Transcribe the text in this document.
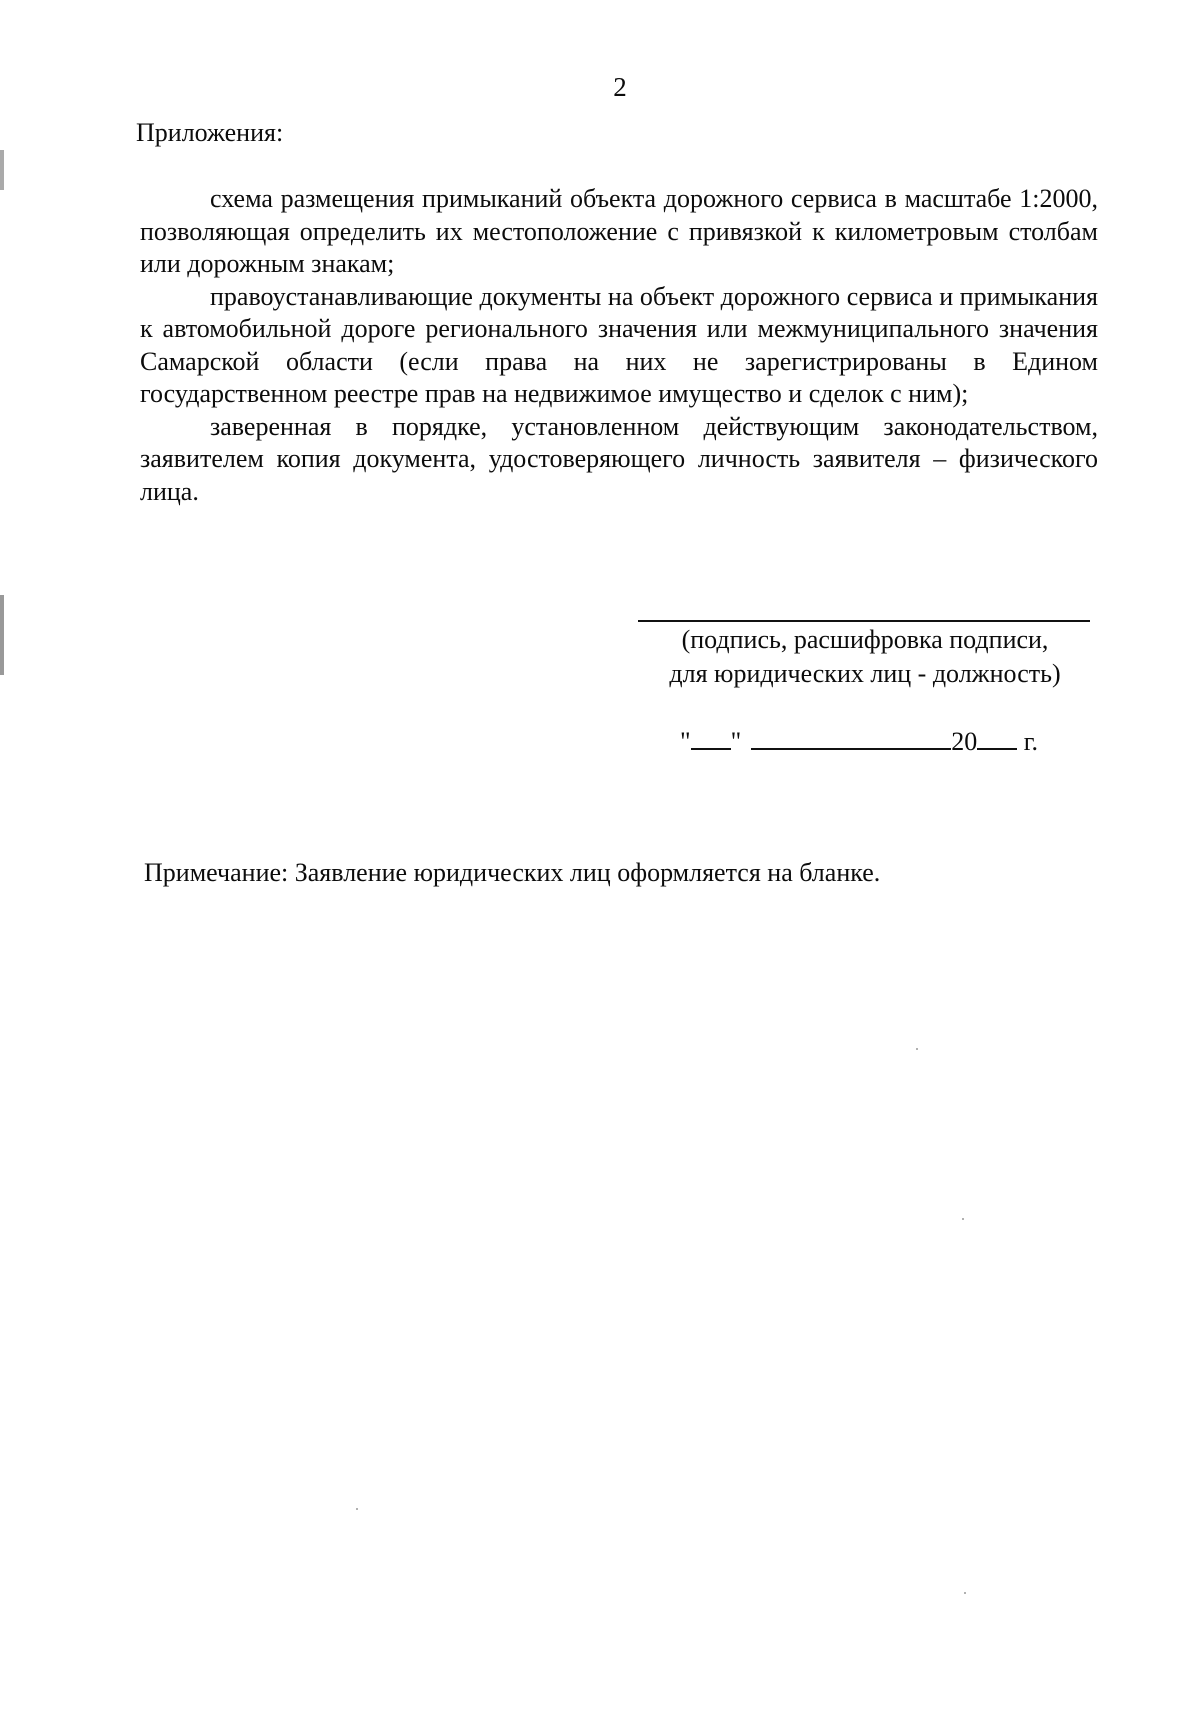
2
Приложения:

схема размещения примыканий объекта дорожного сервиса в масштабе 1:2000, позволяющая определить их местоположение с привязкой к километровым столбам или дорожным знакам;

правоустанавливающие документы на объект дорожного сервиса и примыкания к автомобильной дороге регионального значения или межмуниципального значения Самарской области (если права на них не зарегистрированы в Едином государственном реестре прав на недвижимое имущество и сделок с ним);

заверенная в порядке, установленном действующим законодательством, заявителем копия документа, удостоверяющего личность заявителя – физического лица.

(подпись, расшифровка подписи,
для юридических лиц - должность)
" "	20 г.
Примечание: Заявление юридических лиц оформляется на бланке.
